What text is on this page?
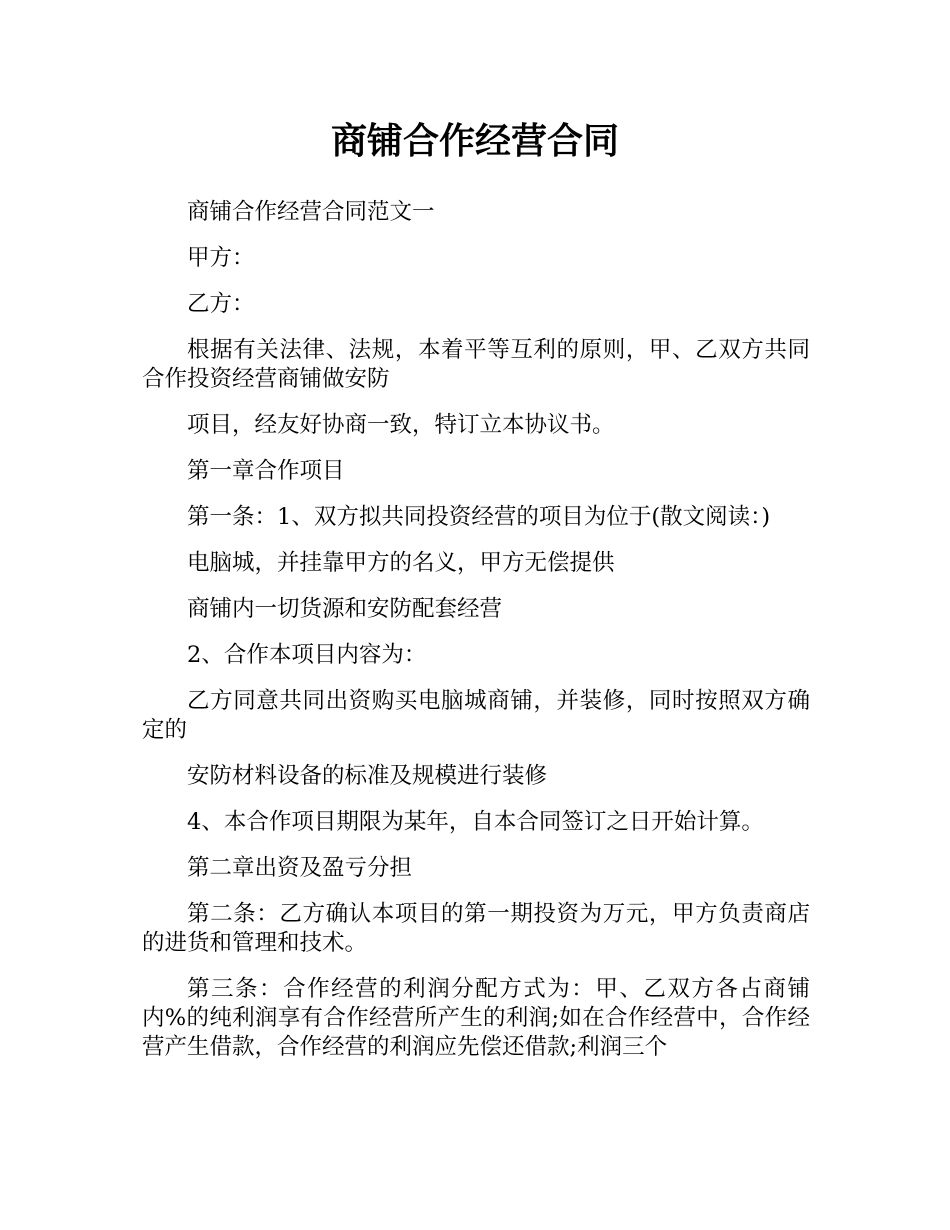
商铺合作经营合同

商铺合作经营合同范文一

甲方：

乙方：

根据有关法律、法规，本着平等互利的原则，甲、乙双方共同合作投资经营商铺做安防

项目，经友好协商一致，特订立本协议书。

第一章合作项目

第一条：1、双方拟共同投资经营的项目为位于(散文阅读：)

电脑城，并挂靠甲方的名义，甲方无偿提供

商铺内一切货源和安防配套经营

2、合作本项目内容为：

乙方同意共同出资购买电脑城商铺，并装修，同时按照双方确定的

安防材料设备的标准及规模进行装修

4、本合作项目期限为某年，自本合同签订之日开始计算。

第二章出资及盈亏分担

第二条：乙方确认本项目的第一期投资为万元，甲方负责商店的进货和管理和技术。

第三条：合作经营的利润分配方式为：甲、乙双方各占商铺内%的纯利润享有合作经营所产生的利润;如在合作经营中，合作经营产生借款，合作经营的利润应先偿还借款;利润三个
